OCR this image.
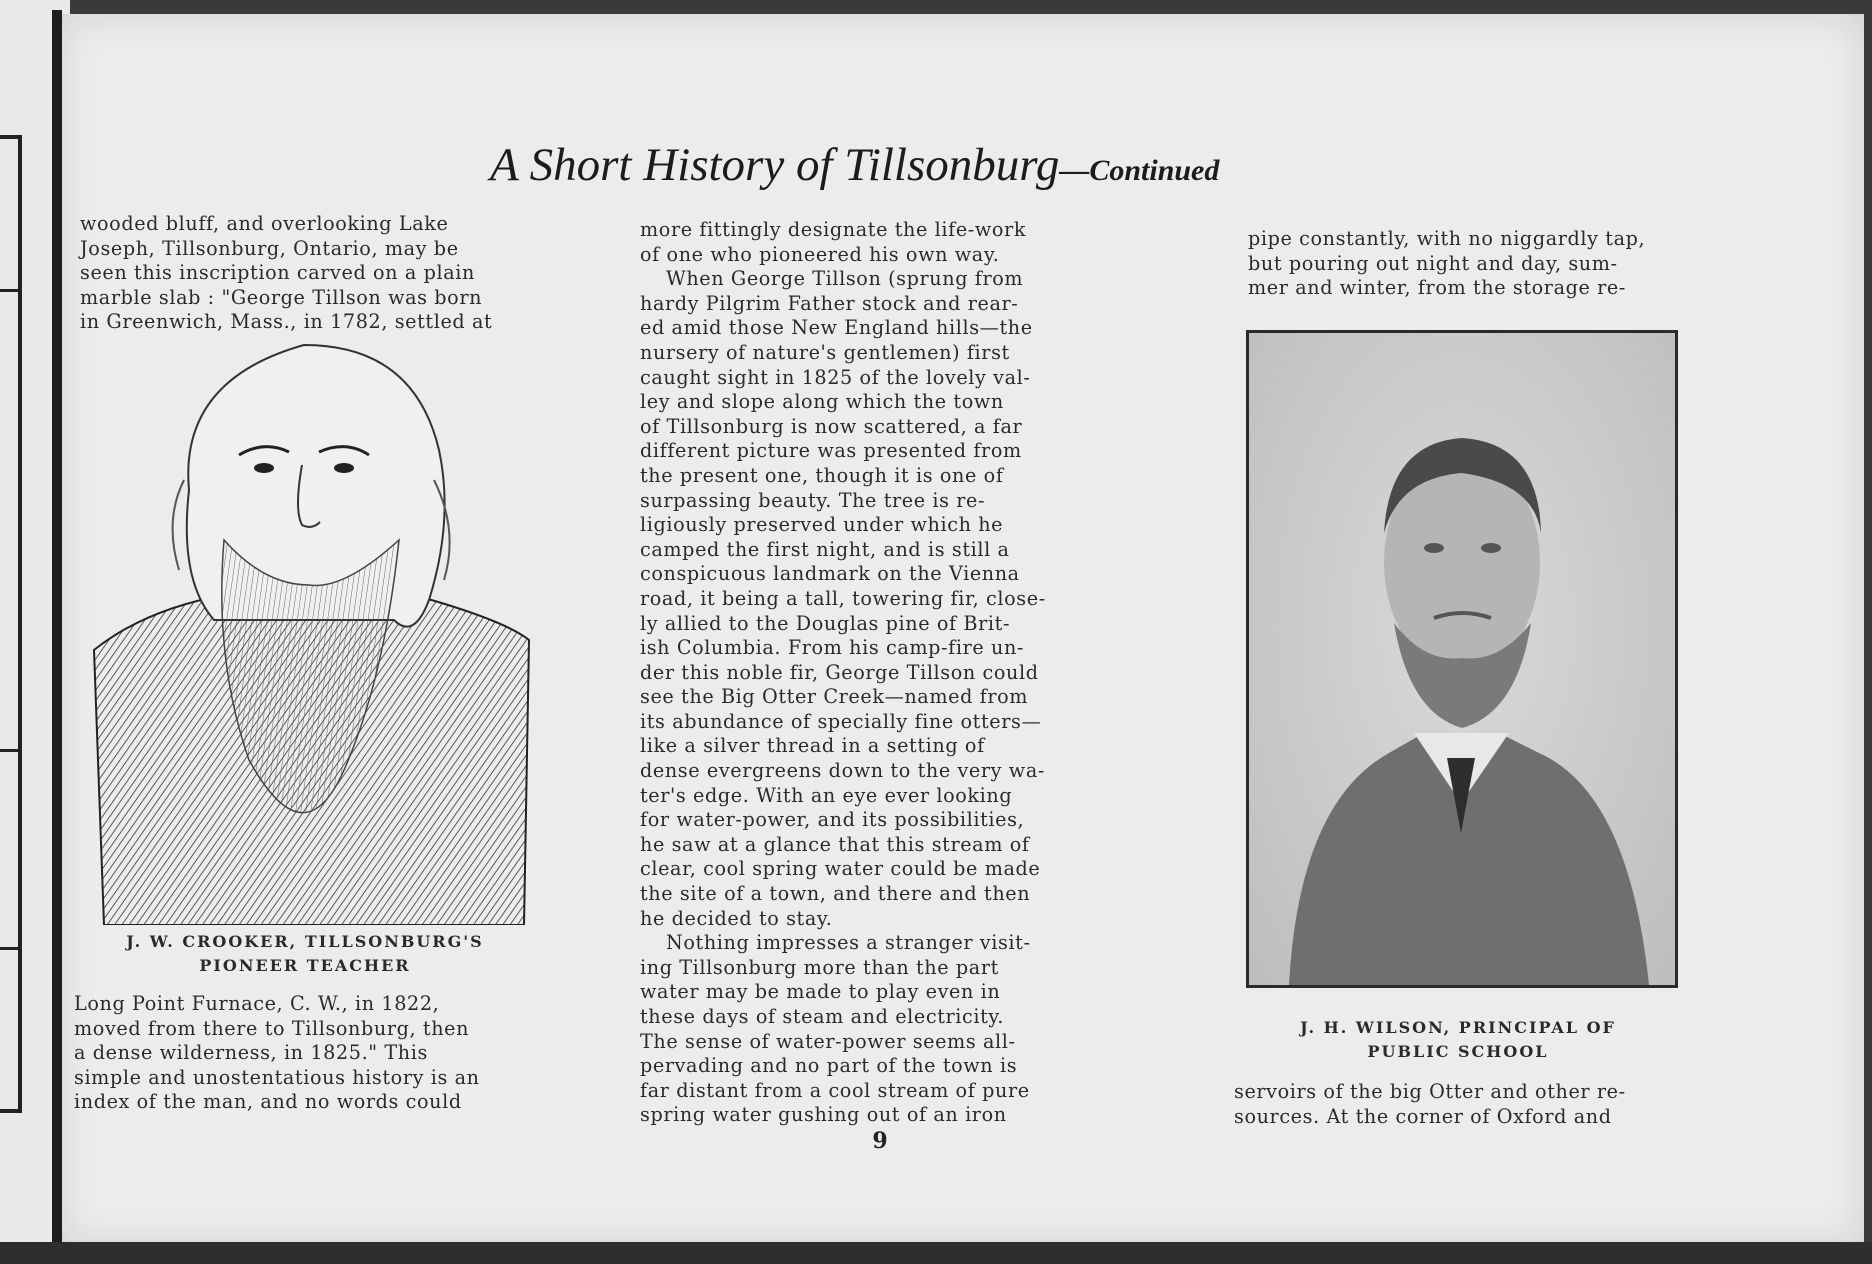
A Short History of Tillsonburg—Continued

wooded bluff, and overlooking Lake

Joseph, Tillsonburg, Ontario, may be

seen this inscription carved on a plain

marble slab : "George Tillson was born

in Greenwich, Mass., in 1782, settled at

J. W. CROOKER, TILLSONBURG'S
PIONEER TEACHER

Long Point Furnace, C. W., in 1822,

moved from there to Tillsonburg, then

a dense wilderness, in 1825." This

simple and unostentatious history is an

index of the man, and no words could

more fittingly designate the life-work

of one who pioneered his own way.

When George Tillson (sprung from

hardy Pilgrim Father stock and rear-

ed amid those New England hills—the

nursery of nature's gentlemen) first

caught sight in 1825 of the lovely val-

ley and slope along which the town

of Tillsonburg is now scattered, a far

different picture was presented from

the present one, though it is one of

surpassing beauty. The tree is re-

ligiously preserved under which he

camped the first night, and is still a

conspicuous landmark on the Vienna

road, it being a tall, towering fir, close-

ly allied to the Douglas pine of Brit-

ish Columbia. From his camp-fire un-

der this noble fir, George Tillson could

see the Big Otter Creek—named from

its abundance of specially fine otters—

like a silver thread in a setting of

dense evergreens down to the very wa-

ter's edge. With an eye ever looking

for water-power, and its possibilities,

he saw at a glance that this stream of

clear, cool spring water could be made

the site of a town, and there and then

he decided to stay.

Nothing impresses a stranger visit-

ing Tillsonburg more than the part

water may be made to play even in

these days of steam and electricity.

The sense of water-power seems all-

pervading and no part of the town is

far distant from a cool stream of pure

spring water gushing out of an iron

pipe constantly, with no niggardly tap,

but pouring out night and day, sum-

mer and winter, from the storage re-

J. H. WILSON, PRINCIPAL OF
PUBLIC SCHOOL

servoirs of the big Otter and other re-

sources. At the corner of Oxford and

9
